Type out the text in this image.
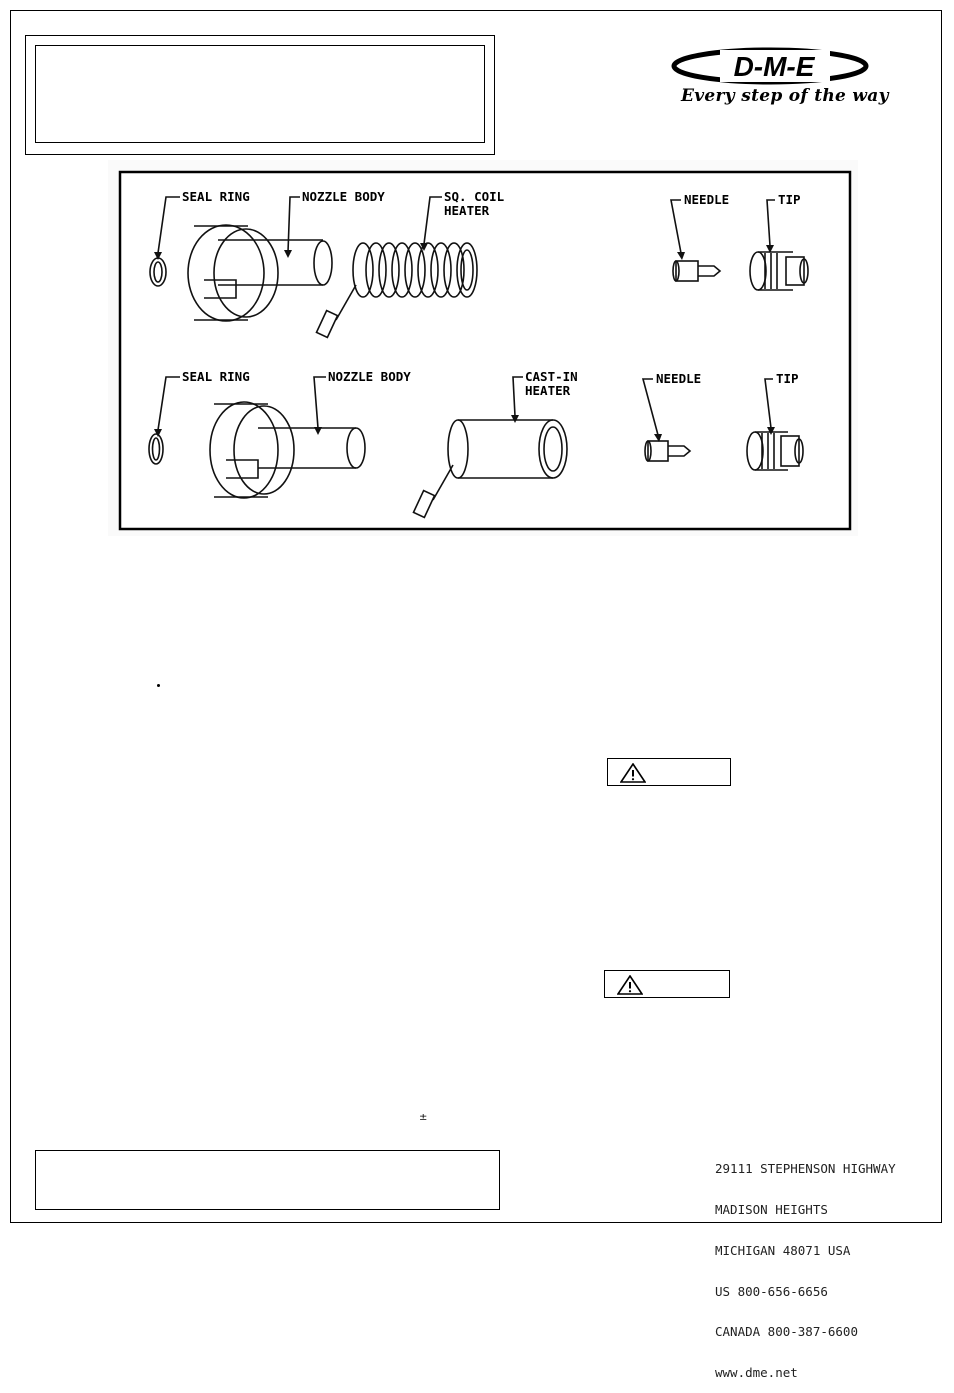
D-M-E
Every step of the way
SEAL RING	NOZZLE BODY	SQ. COIL
HEATER
NEEDLE	TIP
SEAL RING	NOZZLE BODY	CAST-IN
HEATER
NEEDLE	TIP
±

29111 STEPHENSON HIGHWAY

MADISON HEIGHTS

MICHIGAN 48071 USA

US 800-656-6656

CANADA 800-387-6600

www.dme.net
